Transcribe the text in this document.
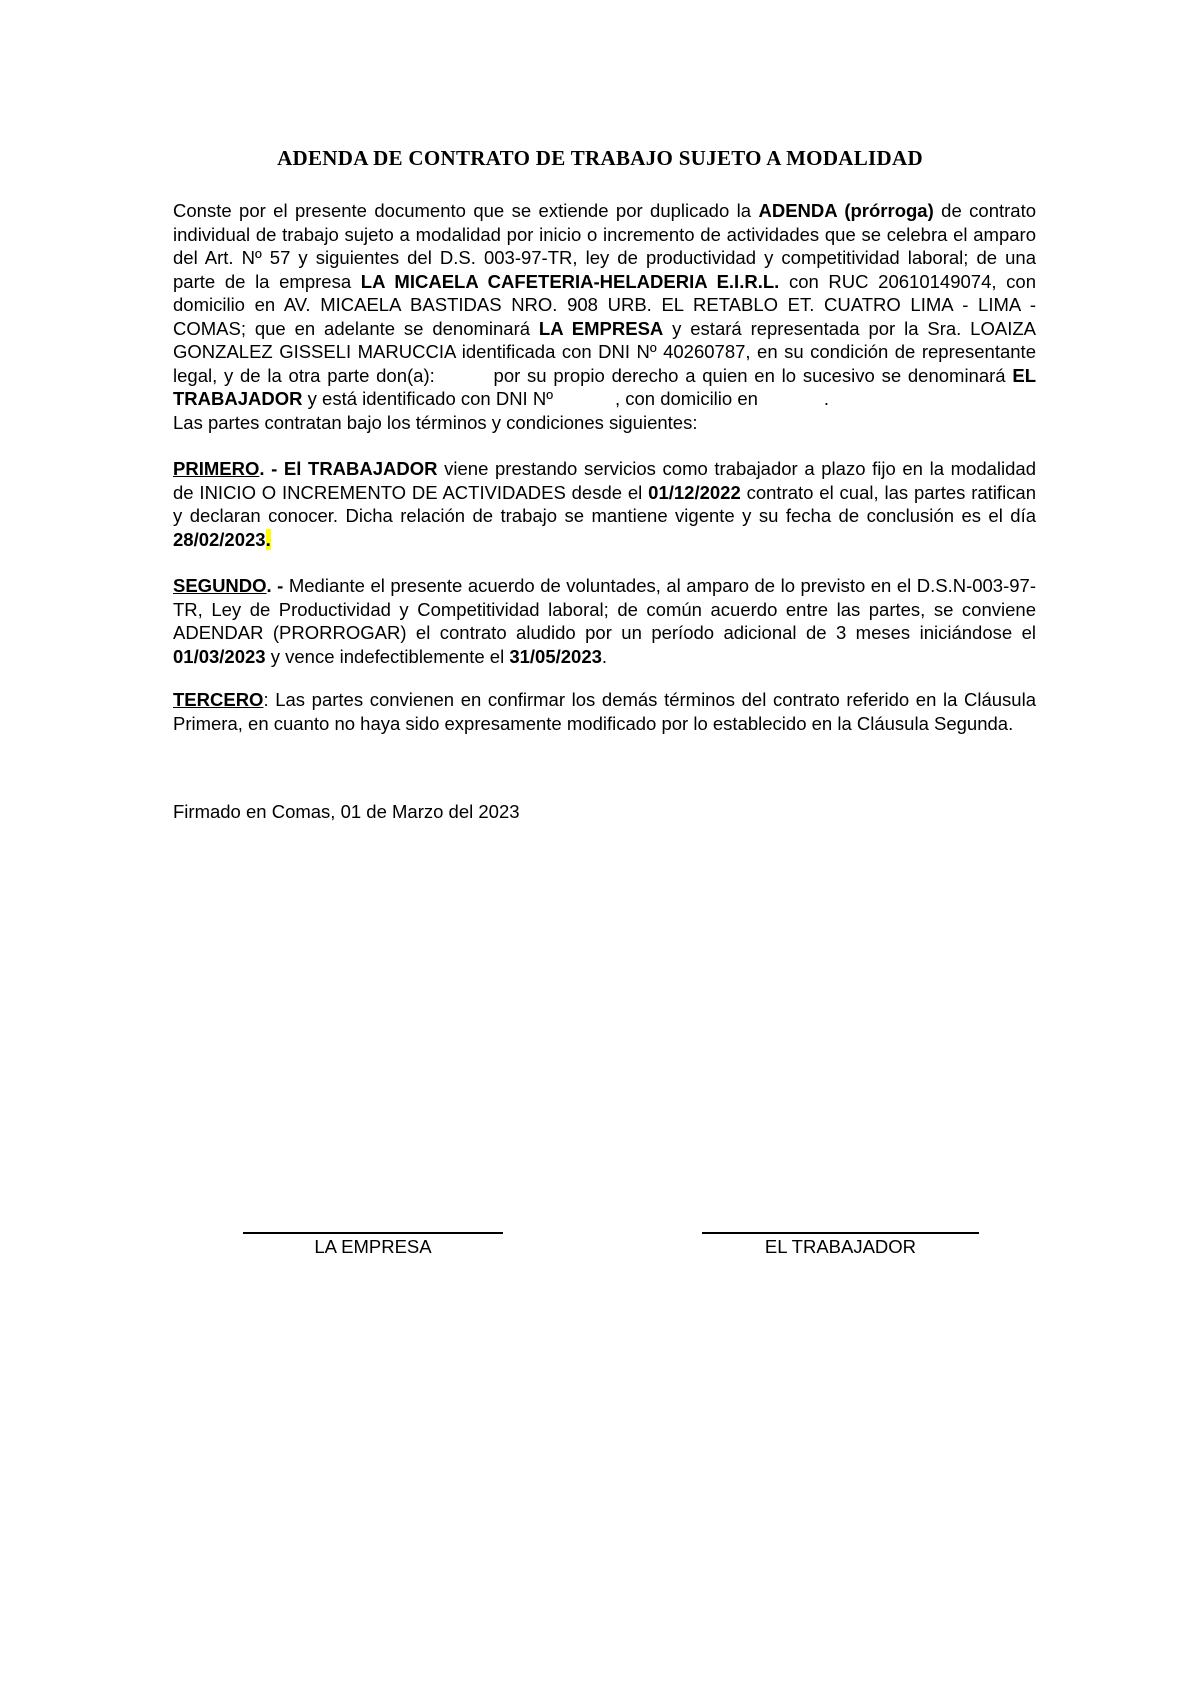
ADENDA DE CONTRATO DE TRABAJO SUJETO A MODALIDAD

Conste por el presente documento que se extiende por duplicado la ADENDA (prórroga) de contrato individual de trabajo sujeto a modalidad por inicio o incremento de actividades que se celebra el amparo del Art. Nº 57 y siguientes del D.S. 003-97-TR, ley de productividad y competitividad laboral; de una parte de la empresa LA MICAELA CAFETERIA-HELADERIA E.I.R.L. con RUC 20610149074, con domicilio en AV. MICAELA BASTIDAS NRO. 908 URB. EL RETABLO ET. CUATRO LIMA - LIMA - COMAS; que en adelante se denominará LA EMPRESA y estará representada por la Sra. LOAIZA GONZALEZ GISSELI MARUCCIA identificada con DNI Nº 40260787, en su condición de representante legal, y de la otra parte don(a):	por su propio derecho a quien en lo sucesivo se denominará EL TRABAJADOR y está identificado con DNI Nº	, con domicilio en	.

Las partes contratan bajo los términos y condiciones siguientes:

PRIMERO. - El TRABAJADOR viene prestando servicios como trabajador a plazo fijo en la modalidad de INICIO O INCREMENTO DE ACTIVIDADES desde el 01/12/2022 contrato el cual, las partes ratifican y declaran conocer. Dicha relación de trabajo se mantiene vigente y su fecha de conclusión es el día 28/02/2023.

SEGUNDO. - Mediante el presente acuerdo de voluntades, al amparo de lo previsto en el D.S.N-003-97-TR, Ley de Productividad y Competitividad laboral; de común acuerdo entre las partes, se conviene ADENDAR (PRORROGAR) el contrato aludido por un período adicional de 3 meses iniciándose el 01/03/2023 y vence indefectiblemente el 31/05/2023.

TERCERO: Las partes convienen en confirmar los demás términos del contrato referido en la Cláusula Primera, en cuanto no haya sido expresamente modificado por lo establecido en la Cláusula Segunda.

Firmado en Comas, 01 de Marzo del 2023

LA EMPRESA	EL TRABAJADOR
